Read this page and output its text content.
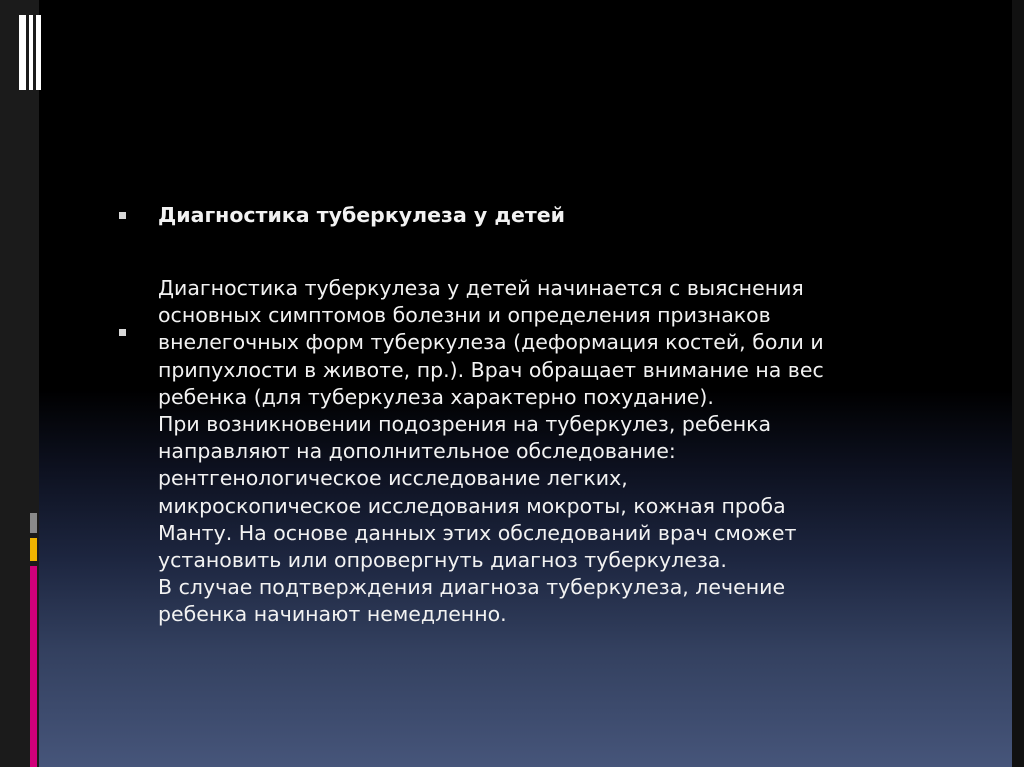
Диагностика туберкулеза у детей
Диагностика туберкулеза у детей начинается с выяснения
основных симптомов болезни и определения признаков
внелегочных форм туберкулеза (деформация костей, боли и
припухлости в животе, пр.). Врач обращает внимание на вес
ребенка (для туберкулеза характерно похудание).
При возникновении подозрения на туберкулез, ребенка
направляют на дополнительное обследование:
рентгенологическое исследование легких,
микроскопическое исследования мокроты, кожная проба
Манту. На основе данных этих обследований врач сможет
установить или опровергнуть диагноз туберкулеза.
В случае подтверждения диагноза туберкулеза, лечение
ребенка начинают немедленно.
